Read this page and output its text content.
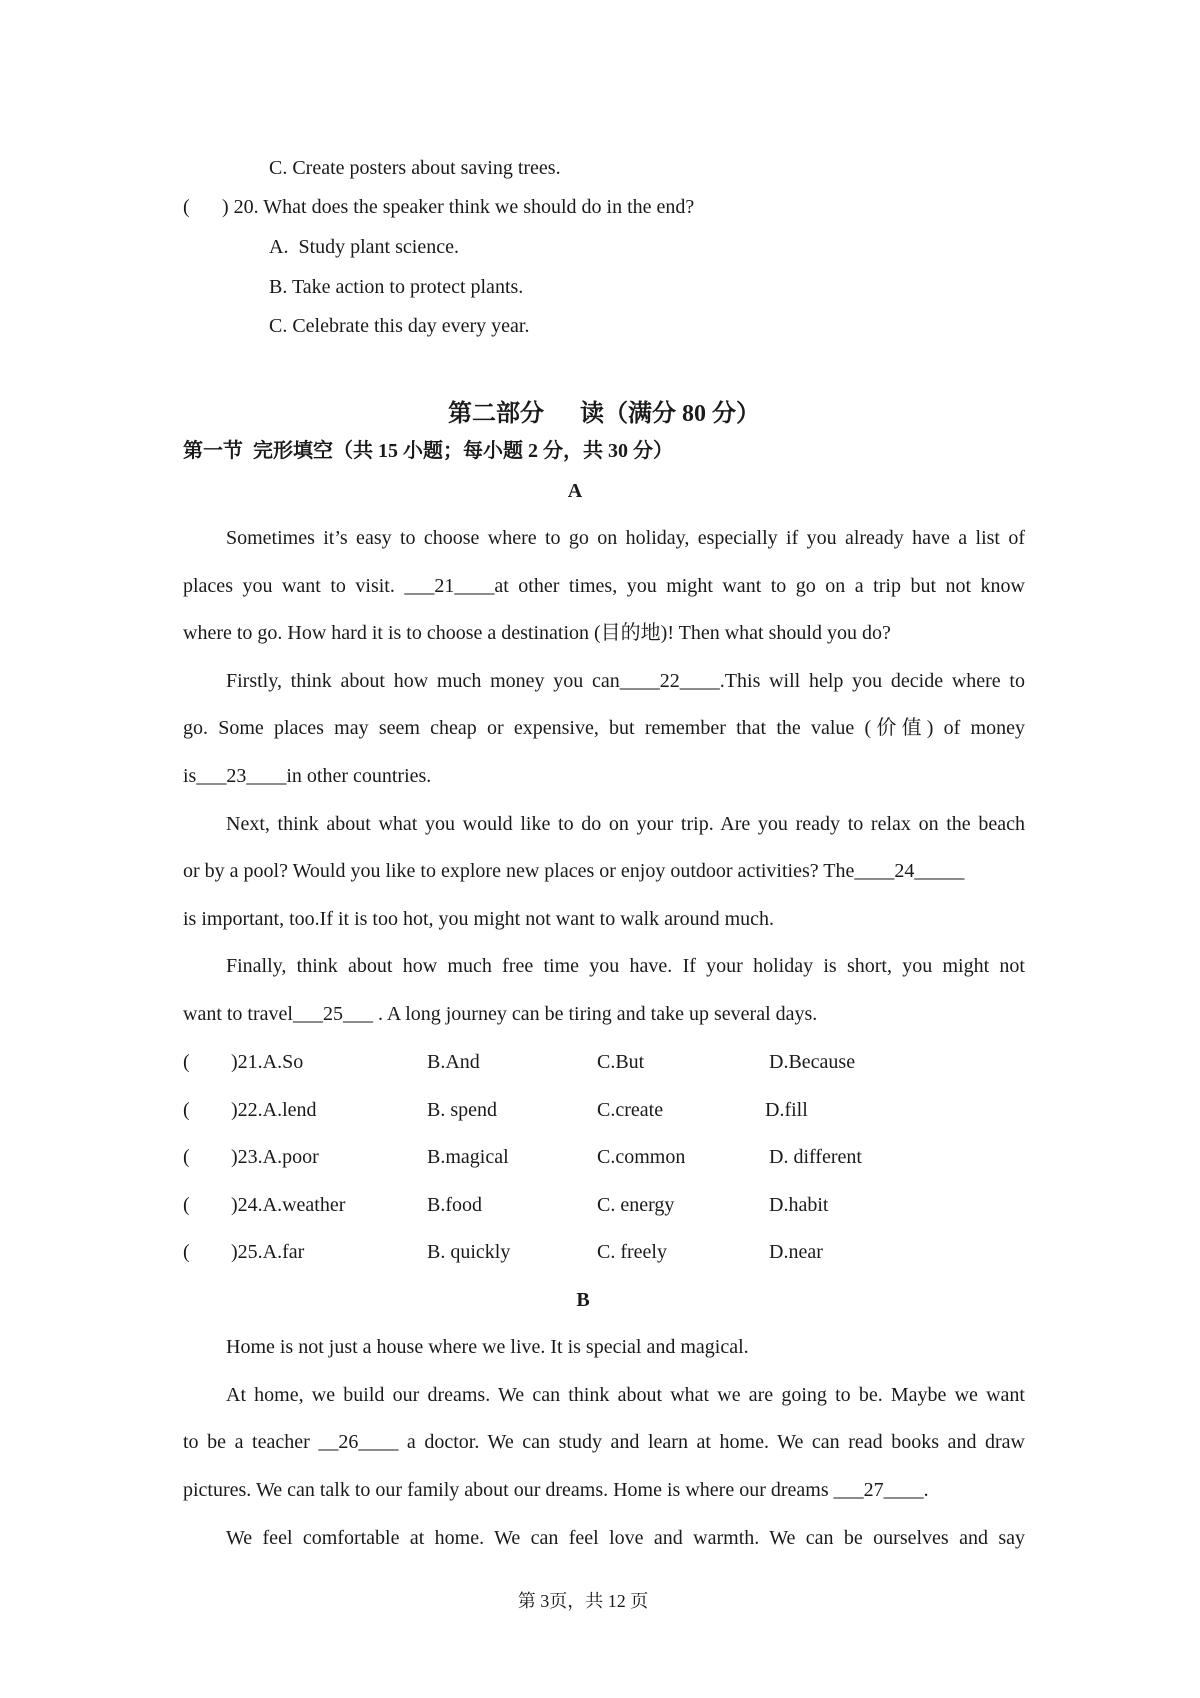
C. Create posters about saving trees.
( ) 20. What does the speaker think we should do in the end?
A.  Study plant science.
B. Take action to protect plants.
C. Celebrate this day every year.
第二部分      读（满分 80 分）
第一节  完形填空（共 15 小题；每小题 2 分，共 30 分）
A
Sometimes it’s easy to choose where to go on holiday, especially if you already have a list of
places you want to visit. ___21____at other times, you might want to go on a trip but not know
where to go. How hard it is to choose a destination (目的地)! Then what should you do?
Firstly, think about how much money you can____22____.This will help you decide where to
go. Some places may seem cheap or expensive, but remember that the value (价值) of money
is___23____in other countries.
Next, think about what you would like to do on your trip. Are you ready to relax on the beach
or by a pool? Would you like to explore new places or enjoy outdoor activities? The____24_____
is important, too.If it is too hot, you might not want to walk around much.
Finally, think about how much free time you have. If your holiday is short, you might not
want to travel___25___ . A long journey can be tiring and take up several days.
( )21.A.So	B.And	C.But	D.Because
( )22.A.lend	B. spend	C.create	D.fill
( )23.A.poor	B.magical	C.common	D. different
( )24.A.weather	B.food	C. energy	D.habit
( )25.A.far	B. quickly	C. freely	D.near
B
Home is not just a house where we live. It is special and magical.
At home, we build our dreams. We can think about what we are going to be. Maybe we want
to be a teacher __26____ a doctor. We can study and learn at home. We can read books and draw
pictures. We can talk to our family about our dreams. Home is where our dreams ___27____.
We feel comfortable at home. We can feel love and warmth. We can be ourselves and say
第 3页，共 12 页
